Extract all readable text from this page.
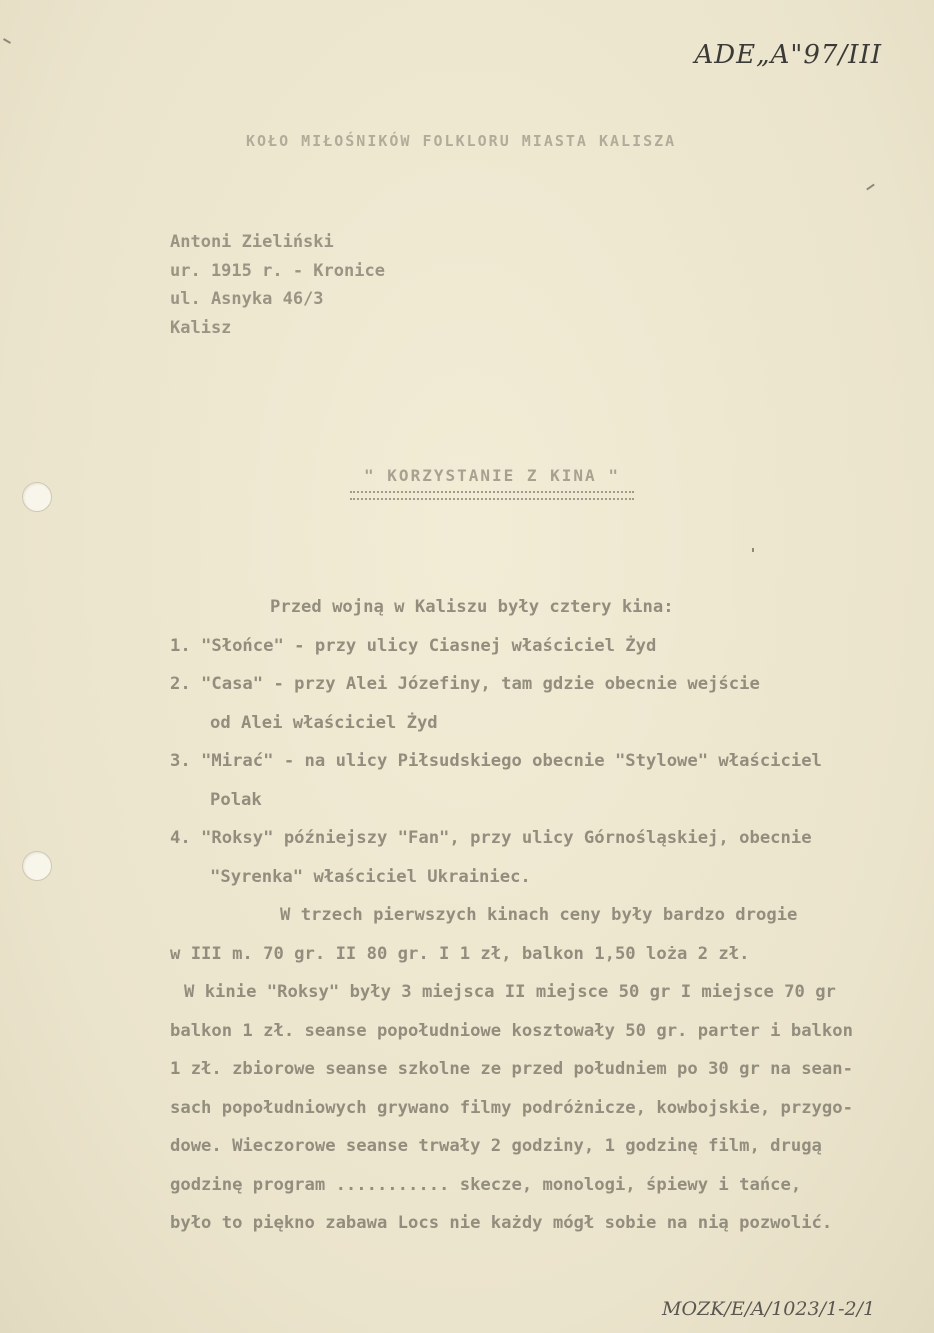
ADE„A"97/III
KOŁO MIŁOŚNIKÓW FOLKLORU MIASTA KALISZA
Antoni Zieliński
ur. 1915 r. - Kronice
ul. Asnyka 46/3
Kalisz
" KORZYSTANIE Z KINA "
Przed wojną w Kaliszu były cztery kina:
1. "Słońce" - przy ulicy Ciasnej właściciel Żyd
2. "Casa" - przy Alei Józefiny, tam gdzie obecnie wejście
od Alei właściciel Żyd
3. "Mirać" - na ulicy Piłsudskiego obecnie "Stylowe" właściciel
Polak
4. "Roksy" późniejszy "Fan", przy ulicy Górnośląskiej, obecnie
"Syrenka" właściciel Ukrainiec.
W trzech pierwszych kinach ceny były bardzo drogie
w III m. 70 gr. II 80 gr. I 1 zł, balkon 1,50 loża 2 zł.
W kinie "Roksy" były 3 miejsca II miejsce 50 gr I miejsce 70 gr
balkon 1 zł. seanse popołudniowe kosztowały 50 gr. parter i balkon
1 zł. zbiorowe seanse szkolne ze przed południem po 30 gr na sean-
sach popołudniowych grywano filmy podróżnicze, kowbojskie, przygo-
dowe. Wieczorowe seanse trwały 2 godziny, 1 godzinę film, drugą
godzinę program ........... skecze, monologi, śpiewy i tańce,
było to piękno zabawa Locs nie każdy mógł sobie na nią pozwolić.
MOZK/E/A/1023/1-2/1
